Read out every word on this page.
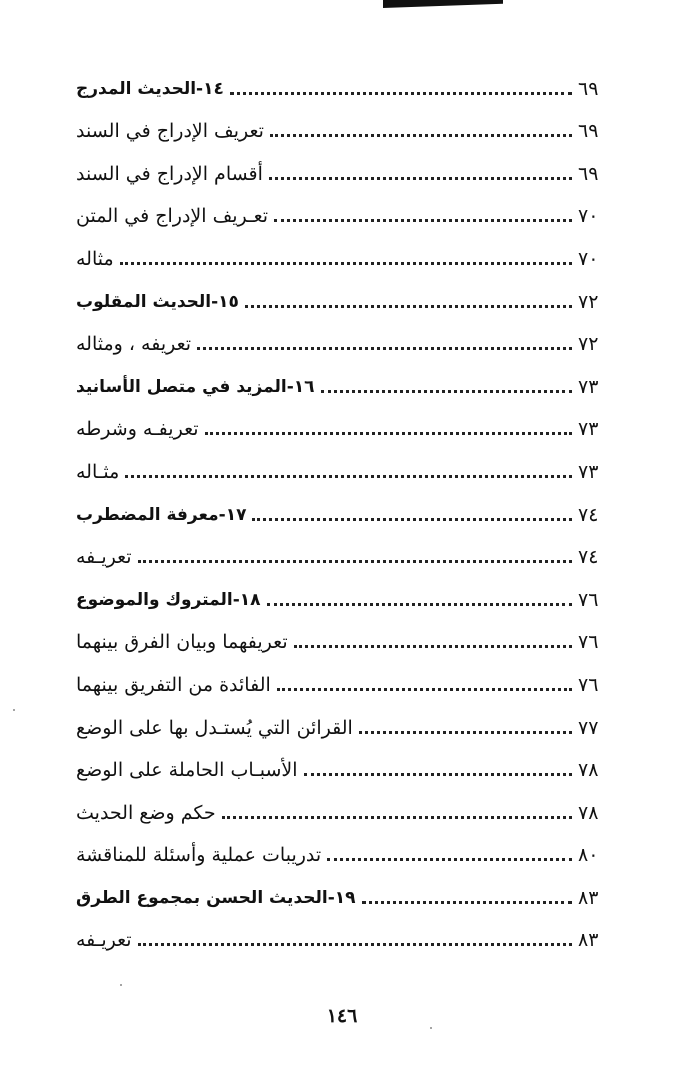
١٤-الحديث المدرج	٦٩
تعريف الإدراج في السند	٦٩
أقسام الإدراج في السند	٦٩
تعـريف الإدراج في المتن	٧٠
مثاله	٧٠
١٥-الحديث المقلوب	٧٢
تعريفه ، ومثاله	٧٢
١٦-المزيد في متصل الأسانيد	٧٣
تعريفـه وشرطه	٧٣
مثـاله	٧٣
١٧-معرفة المضطرب	٧٤
تعريـفه	٧٤
١٨-المتروك والموضوع	٧٦
تعريفهما وبيان الفرق بينهما	٧٦
الفائدة من التفريق بينهما	٧٦
القرائن التي يُستـدل بها على الوضع	٧٧
الأسبـاب الحاملة على الوضع	٧٨
حكم وضع الحديث	٧٨
تدريبات عملية وأسئلة للمناقشة	٨٠
١٩-الحديث الحسن بمجموع الطرق	٨٣
تعريـفه	٨٣
١٤٦
